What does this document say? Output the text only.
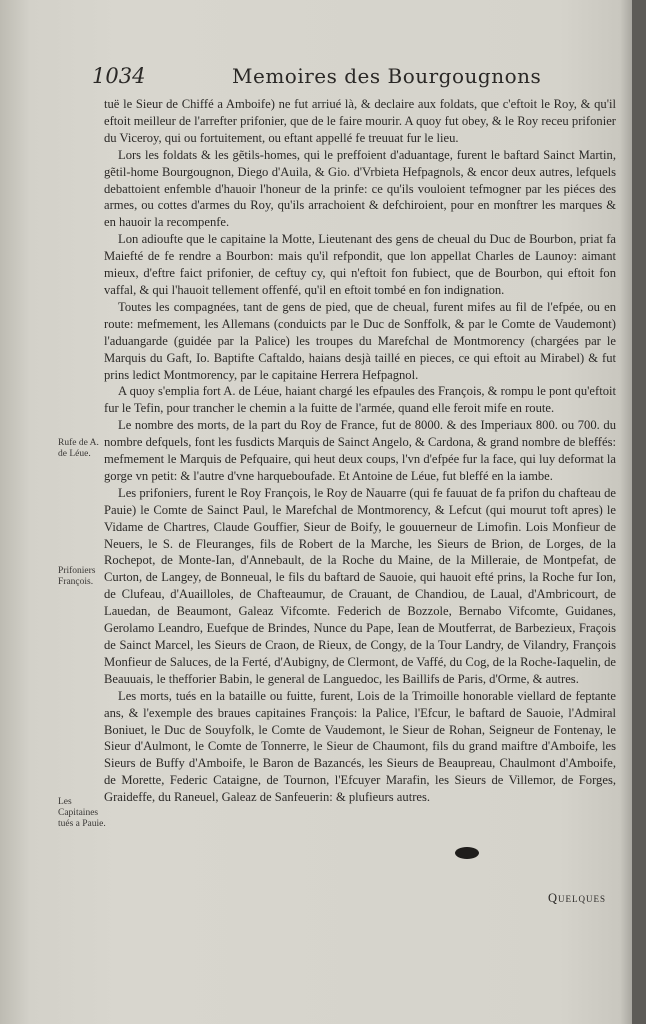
1034	Memoires des Bourgougnons

tuë le Sieur de Chiffé a Amboife) ne fut arriué là, & declaire aux foldats, que c'eftoit le Roy, & qu'il eftoit meilleur de l'arrefter prifonier, que de le faire mourir. A quoy fut obey, & le Roy receu prifonier du Viceroy, qui ou fortuitement, ou eftant appellé fe treuuat fur le lieu.

Lors les foldats & les gẽtils-homes, qui le preffoient d'aduantage, furent le baftard Sainct Martin, gẽtil-home Bourgougnon, Diego d'Auila, & Gio. d'Vrbieta Hefpagnols, & encor deux autres, lefquels debattoient enfemble d'hauoir l'honeur de la prinfe: ce qu'ils vouloient tefmogner par les piéces des armes, ou cottes d'armes du Roy, qu'ils arrachoient & defchiroient, pour en monftrer les marques & en hauoir la recompenfe.

Lon adioufte que le capitaine la Motte, Lieutenant des gens de cheual du Duc de Bourbon, priat fa Maiefté de fe rendre a Bourbon: mais qu'il refpondit, que lon appellat Charles de Launoy: aimant mieux, d'eftre faict prifonier, de ceftuy cy, qui n'eftoit fon fubiect, que de Bourbon, qui eftoit fon vaffal, & qui l'hauoit tellement offenfé, qu'il en eftoit tombé en fon indignation.

Toutes les compagnées, tant de gens de pied, que de cheual, furent mifes au fil de l'efpée, ou en route: mefmement, les Allemans (conduicts par le Duc de Sonffolk, & par le Comte de Vaudemont) l'aduangarde (guidée par la Palice) les troupes du Marefchal de Montmorency (chargées par le Marquis du Gaft, Io. Baptifte Caftaldo, haians desjà taillé en pieces, ce qui eftoit au Mirabel) & fut prins ledict Montmorency, par le capitaine Herrera Hefpagnol.

A quoy s'emplia fort A. de Léue, haiant chargé les efpaules des François, & rompu le pont qu'eftoit fur le Tefin, pour trancher le chemin a la fuitte de l'armée, quand elle feroit mife en route.

Le nombre des morts, de la part du Roy de France, fut de 8000. & des Imperiaux 800. ou 700. du nombre defquels, font les fusdicts Marquis de Sainct Angelo, & Cardona, & grand nombre de bleffés: mefmement le Marquis de Pefquaire, qui heut deux coups, l'vn d'efpée fur la face, qui luy deformat la gorge vn petit: & l'autre d'vne harqueboufade. Et Antoine de Léue, fut bleffé en la iambe.

Les prifoniers, furent le Roy François, le Roy de Nauarre (qui fe fauuat de fa prifon du chafteau de Pauie) le Comte de Sainct Paul, le Marefchal de Montmorency, & Lefcut (qui mourut toft apres) le Vidame de Chartres, Claude Gouffier, Sieur de Boify, le gouuerneur de Limofin. Lois Monfieur de Neuers, le S. de Fleuranges, fils de Robert de la Marche, les Sieurs de Brion, de Lorges, de la Rochepot, de Monte-Ian, d'Annebault, de la Roche du Maine, de la Milleraie, de Montpefat, de Curton, de Langey, de Bonneual, le fils du baftard de Sauoie, qui hauoit efté prins, la Roche fur Ion, de Clufeau, d'Auailloles, de Chafteaumur, de Crauant, de Chandiou, de Laual, d'Ambricourt, de Lauedan, de Beaumont, Galeaz Vifcomte. Federich de Bozzole, Bernabo Vifcomte, Guidanes, Gerolamo Leandro, Euefque de Brindes, Nunce du Pape, Iean de Moutferrat, de Barbezieux, Fraçois de Sainct Marcel, les Sieurs de Craon, de Rieux, de Congy, de la Tour Landry, de Vilandry, François Monfieur de Saluces, de la Ferté, d'Aubigny, de Clermont, de Vaffé, du Cog, de la Roche-Iaquelin, de Beauuais, le thefforier Babin, le general de Languedoc, les Baillifs de Paris, d'Orme, & autres.

Les morts, tués en la bataille ou fuitte, furent, Lois de la Trimoille honorable viellard de feptante ans, & l'exemple des braues capitaines François: la Palice, l'Efcur, le baftard de Sauoie, l'Admiral Boniuet, le Duc de Souyfolk, le Comte de Vaudemont, le Sieur de Rohan, Seigneur de Fontenay, le Sieur d'Aulmont, le Comte de Tonnerre, le Sieur de Chaumont, fils du grand maiftre d'Amboife, les Sieurs de Buffy d'Amboife, le Baron de Bazancés, les Sieurs de Beaupreau, Chaulmont d'Amboife, de Morette, Federic Cataigne, de Tournon, l'Efcuyer Marafin, les Sieurs de Villemor, de Forges, Graideffe, du Raneuel, Galeaz de Sanfeuerin: & plufieurs autres.

Rufe de A. de Léue.
Prifoniers François.
Les Capitaines tués a Pauie.
Quelques
